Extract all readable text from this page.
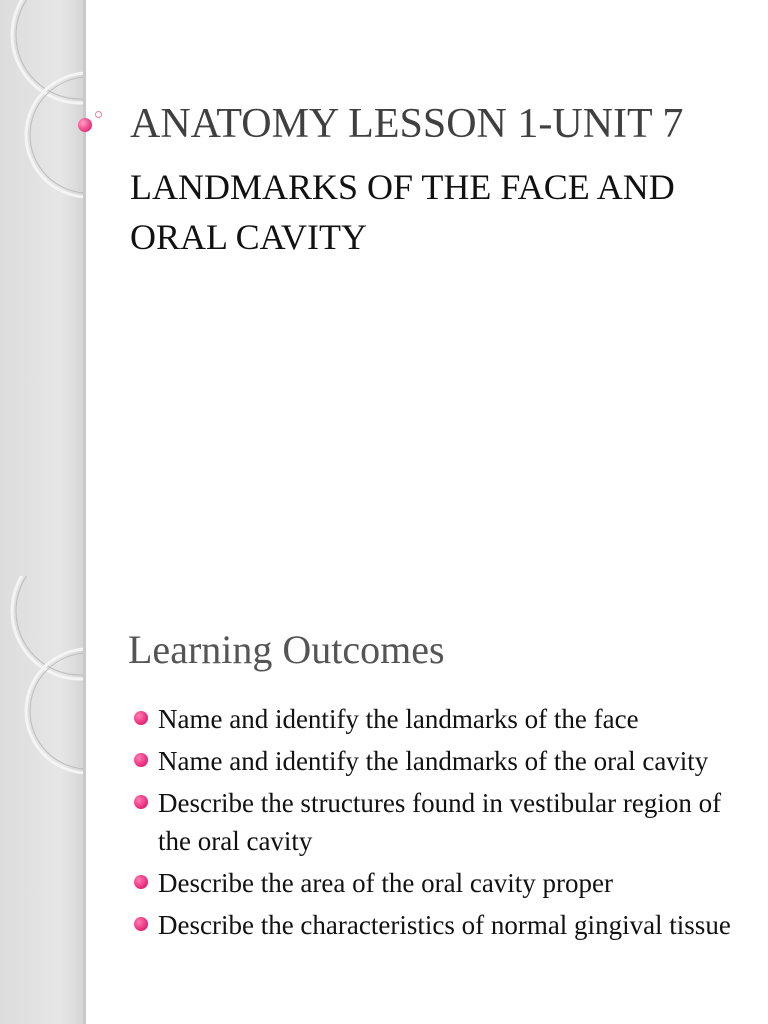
ANATOMY LESSON 1-UNIT 7

LANDMARKS OF THE FACE AND ORAL CAVITY

Learning Outcomes
Name and identify the landmarks of the face
Name and identify the landmarks of the oral cavity
Describe the structures found in vestibular region of the oral cavity
Describe the area of the oral cavity proper
Describe the characteristics of normal gingival tissue
